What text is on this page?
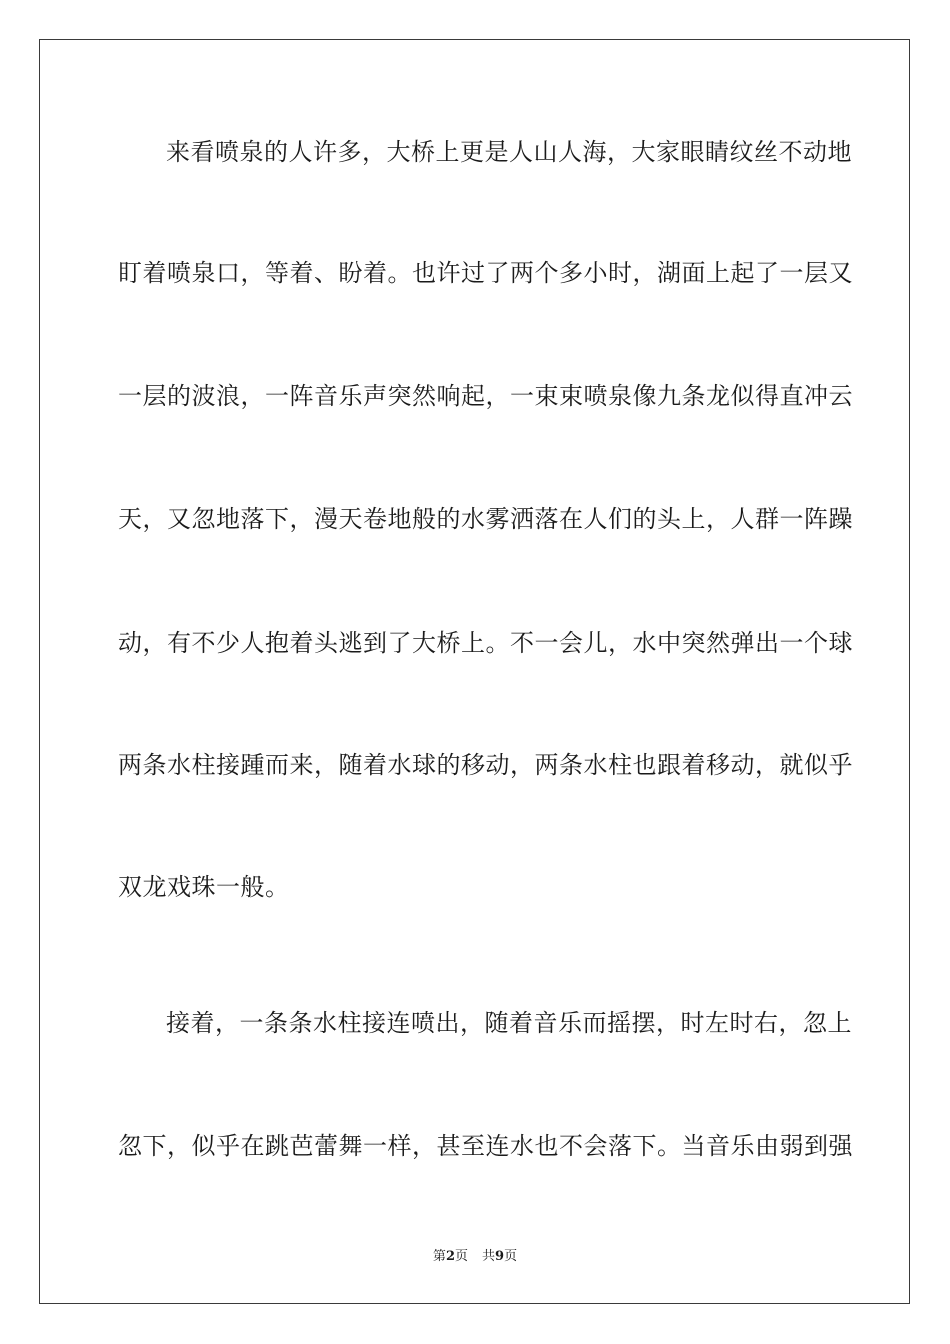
来看喷泉的人许多，大桥上更是人山人海，大家眼睛纹丝不动地

盯着喷泉口，等着、盼着。也许过了两个多小时，湖面上起了一层又

一层的波浪，一阵音乐声突然响起，一束束喷泉像九条龙似得直冲云

天，又忽地落下，漫天卷地般的水雾洒落在人们的头上，人群一阵躁

动，有不少人抱着头逃到了大桥上。不一会儿，水中突然弹出一个球

两条水柱接踵而来，随着水球的移动，两条水柱也跟着移动，就似乎

双龙戏珠一般。

接着，一条条水柱接连喷出，随着音乐而摇摆，时左时右，忽上

忽下，似乎在跳芭蕾舞一样，甚至连水也不会落下。当音乐由弱到强

第2页 共9页
